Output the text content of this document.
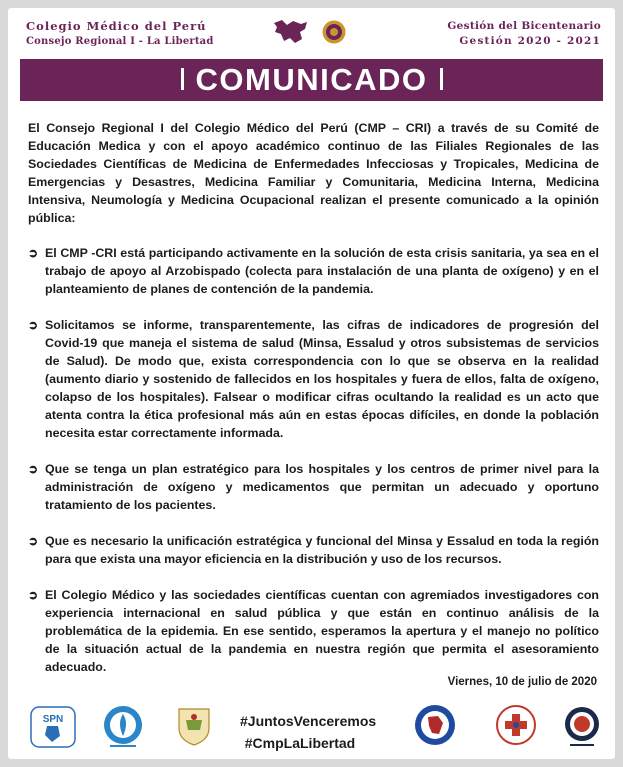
Colegio Médico del Perú
Consejo Regional I - La Libertad
Gestión del Bicentenario
Gestión 2020 - 2021
COMUNICADO

El Consejo Regional I del Colegio Médico del Perú (CMP – CRI) a través de su Comité de Educación Medica y con el apoyo académico continuo de las Filiales Regionales de las Sociedades Científicas de Medicina de Enfermedades Infecciosas y Tropicales, Medicina de Emergencias y Desastres, Medicina Familiar y Comunitaria, Medicina Interna, Medicina Intensiva, Neumología y Medicina Ocupacional realizan el presente comunicado a la opinión pública:

➲ El CMP -CRI está participando activamente en la solución de esta crisis sanitaria, ya sea en el trabajo de apoyo al Arzobispado (colecta para instalación de una planta de oxígeno) y en el planteamiento de planes de contención de la pandemia.
➲ Solicitamos se informe, transparentemente, las cifras de indicadores de progresión del Covid-19 que maneja el sistema de salud (Minsa, Essalud y otros subsistemas de servicios de Salud). De modo que, exista correspondencia con lo que se observa en la realidad (aumento diario y sostenido de fallecidos en los hospitales y fuera de ellos, falta de oxígeno, colapso de los hospitales). Falsear o modificar cifras ocultando la realidad es un acto que atenta contra la ética profesional más aún en estas épocas difíciles, en donde la población necesita estar correctamente informada.
➲ Que se tenga un plan estratégico para los hospitales y los centros de primer nivel para la administración de oxígeno y medicamentos que permitan un adecuado y oportuno tratamiento de los pacientes.
➲ Que es necesario la unificación estratégica y funcional del Minsa y Essalud en toda la región para que exista una mayor eficiencia en la distribución y uso de los recursos.
➲ El Colegio Médico y las sociedades científicas cuentan con agremiados investigadores con experiencia internacional en salud pública y que están en continuo análisis de la problemática de la epidemia. En ese sentido, esperamos la apertura y el manejo no político de la situación actual de la pandemia en nuestra región que permita el asesoramiento adecuado.
Viernes, 10 de julio de 2020
SPN	#JuntosVenceremos
#CmpLaLibertad
